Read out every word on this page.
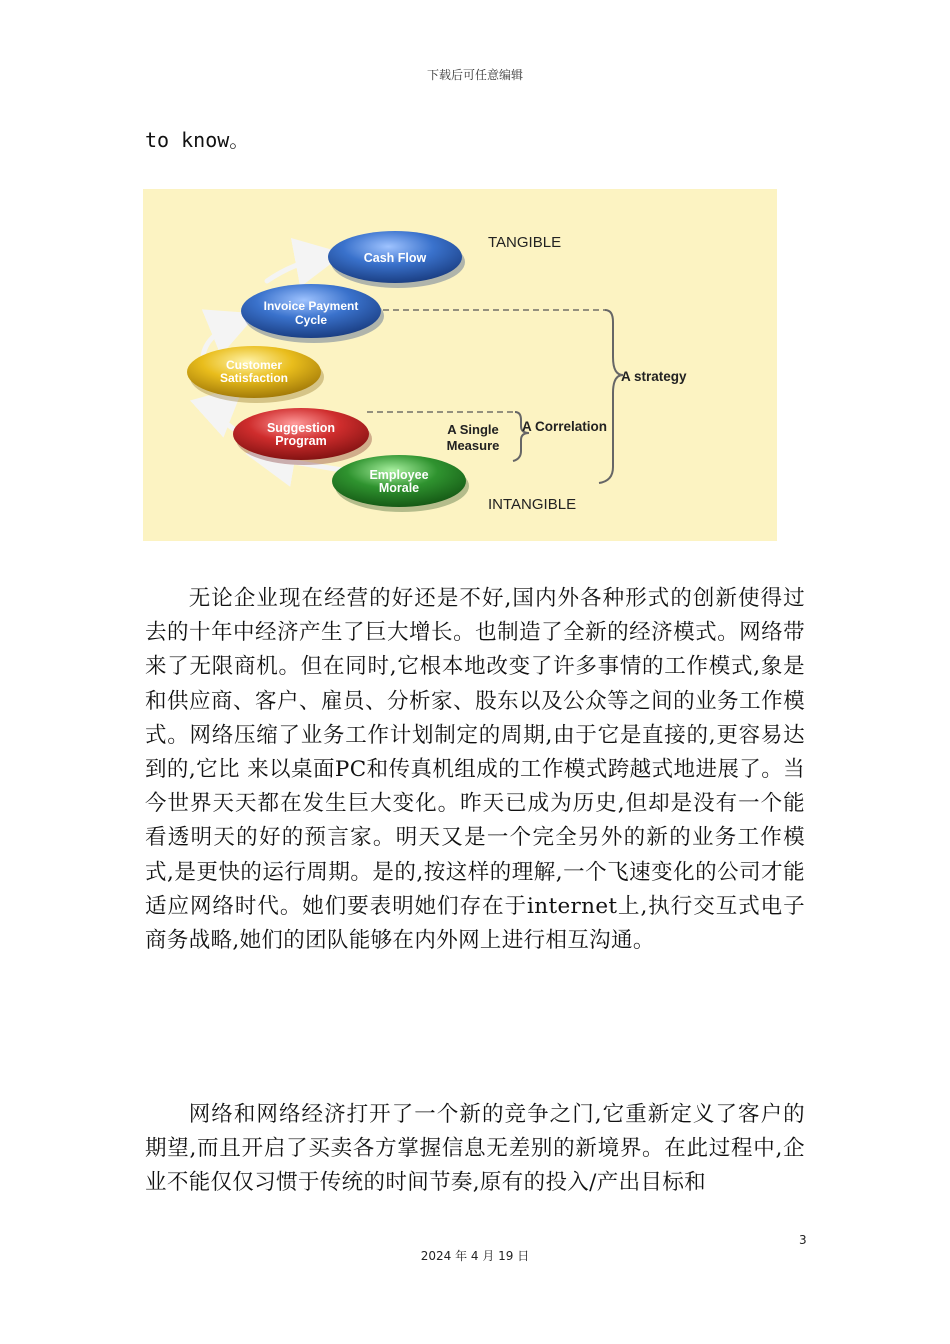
下载后可任意编辑
to know。
Cash Flow
Invoice Payment
Cycle
Customer
Satisfaction
Suggestion
Program
Employee
Morale
TANGIBLE
INTANGIBLE
A strategy
A Correlation
A Single
Measure

无论企业现在经营的好还是不好,国内外各种形式的创新使得过去的十年中经济产生了巨大增长。也制造了全新的经济模式。网络带来了无限商机。但在同时,它根本地改变了许多事情的工作模式,象是和供应商、客户、雇员、分析家、股东以及公众等之间的业务工作模式。网络压缩了业务工作计划制定的周期,由于它是直接的,更容易达到的,它比 来以桌面PC和传真机组成的工作模式跨越式地进展了。当今世界天天都在发生巨大变化。昨天已成为历史,但却是没有一个能看透明天的好的预言家。明天又是一个完全另外的新的业务工作模式,是更快的运行周期。是的,按这样的理解,一个飞速变化的公司才能适应网络时代。她们要表明她们存在于internet上,执行交互式电子商务战略,她们的团队能够在内外网上进行相互沟通。

网络和网络经济打开了一个新的竞争之门,它重新定义了客户的期望,而且开启了买卖各方掌握信息无差别的新境界。在此过程中,企业不能仅仅习惯于传统的时间节奏,原有的投入/产出目标和

3
2024 年 4 月 19 日
